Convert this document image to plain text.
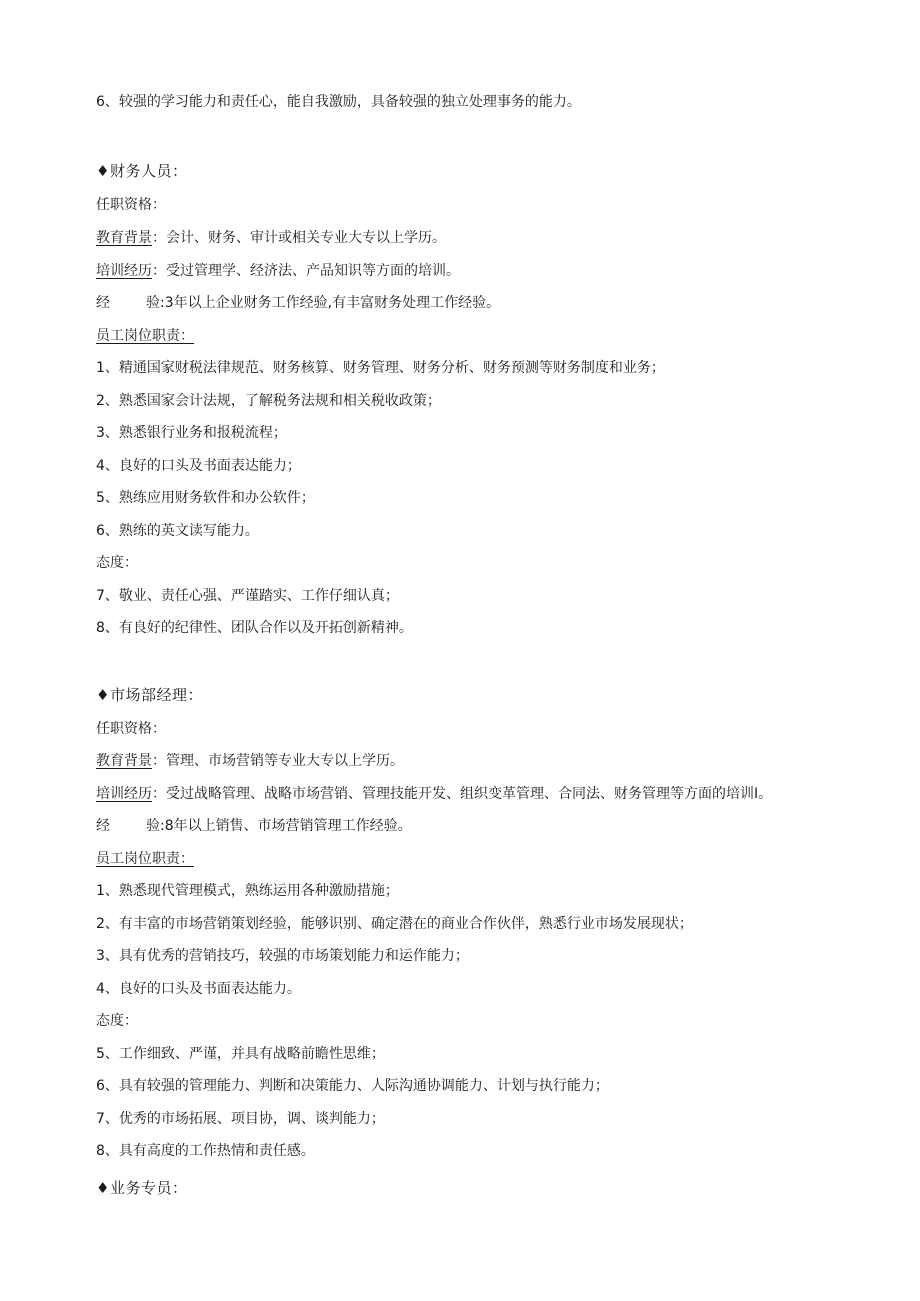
6、较强的学习能力和责任心，能自我激励，具备较强的独立处理事务的能力。
♦财务人员：
任职资格：
教育背景：会计、财务、审计或相关专业大专以上学历。
培训经历：受过管理学、经济法、产品知识等方面的培训。
经	验:3年以上企业财务工作经验,有丰富财务处理工作经验。
员工岗位职责：
1、精通国家财税法律规范、财务核算、财务管理、财务分析、财务预测等财务制度和业务；
2、熟悉国家会计法规，了解税务法规和相关税收政策；
3、熟悉银行业务和报税流程；
4、良好的口头及书面表达能力；
5、熟练应用财务软件和办公软件；
6、熟练的英文读写能力。
态度：
7、敬业、责任心强、严谨踏实、工作仔细认真；
8、有良好的纪律性、团队合作以及开拓创新精神。
♦市场部经理：
任职资格：
教育背景：管理、市场营销等专业大专以上学历。
培训经历：受过战略管理、战略市场营销、管理技能开发、组织变革管理、合同法、财务管理等方面的培训I。
经	验:8年以上销售、市场营销管理工作经验。
员工岗位职责：
1、熟悉现代管理模式，熟练运用各种激励措施；
2、有丰富的市场营销策划经验，能够识别、确定潜在的商业合作伙伴，熟悉行业市场发展现状；
3、具有优秀的营销技巧，较强的市场策划能力和运作能力；
4、良好的口头及书面表达能力。
态度：
5、工作细致、严谨，并具有战略前瞻性思维；
6、具有较强的管理能力、判断和决策能力、人际沟通协调能力、计划与执行能力；
7、优秀的市场拓展、项目协，调、谈判能力；
8、具有高度的工作热情和责任感。
♦业务专员：
